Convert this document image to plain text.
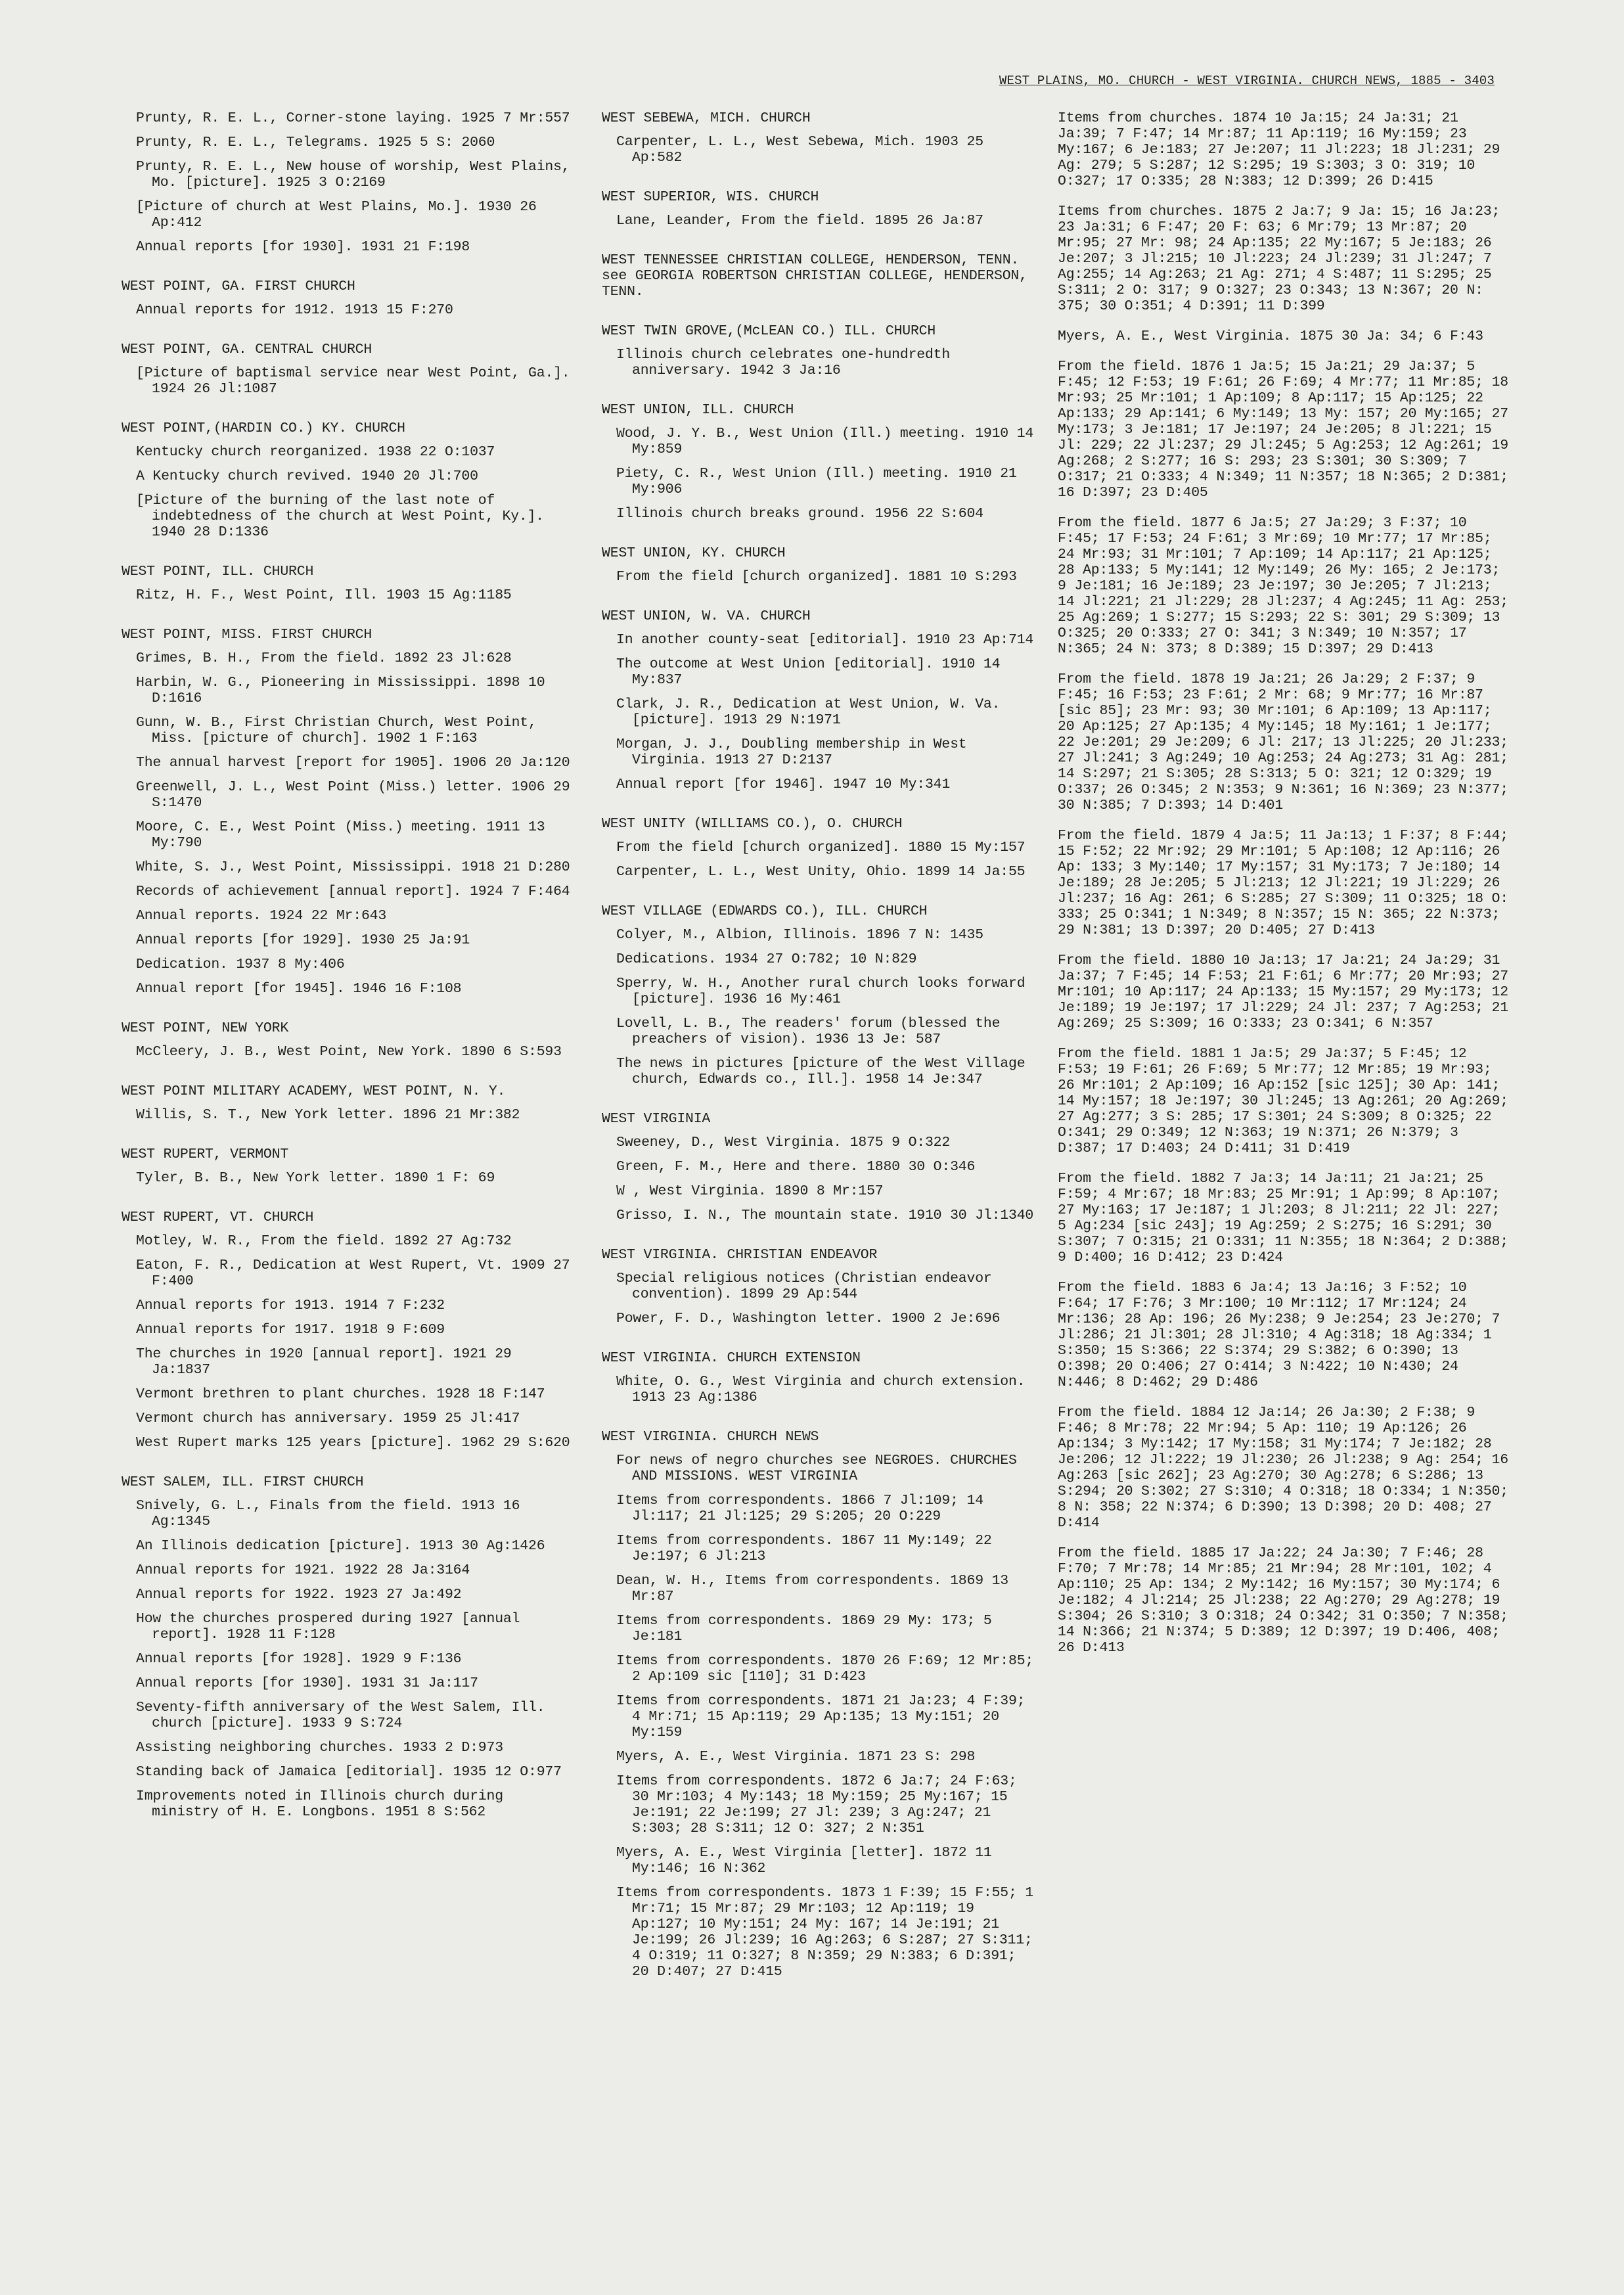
WEST PLAINS, MO. CHURCH - WEST VIRGINIA. CHURCH NEWS, 1885 - 3403
Prunty, R. E. L., Corner-stone laying. 1925 7 Mr:557
Prunty, R. E. L., Telegrams. 1925 5 S: 2060
Prunty, R. E. L., New house of worship, West Plains, Mo. [picture]. 1925 3 O:2169
[Picture of church at West Plains, Mo.]. 1930 26 Ap:412
Annual reports [for 1930]. 1931 21 F:198
WEST POINT, GA. FIRST CHURCH
Annual reports for 1912. 1913 15 F:270
WEST POINT, GA. CENTRAL CHURCH
[Picture of baptismal service near West Point, Ga.]. 1924 26 Jl:1087
WEST POINT,(HARDIN CO.) KY. CHURCH
Kentucky church reorganized. 1938 22 O:1037
A Kentucky church revived. 1940 20 Jl:700
[Picture of the burning of the last note of indebtedness of the church at West Point, Ky.]. 1940 28 D:1336
WEST POINT, ILL. CHURCH
Ritz, H. F., West Point, Ill. 1903 15 Ag:1185
WEST POINT, MISS. FIRST CHURCH
Grimes, B. H., From the field. 1892 23 Jl:628
Harbin, W. G., Pioneering in Mississippi. 1898 10 D:1616
Gunn, W. B., First Christian Church, West Point, Miss. [picture of church]. 1902 1 F:163
The annual harvest [report for 1905]. 1906 20 Ja:120
Greenwell, J. L., West Point (Miss.) letter. 1906 29 S:1470
Moore, C. E., West Point (Miss.) meeting. 1911 13 My:790
White, S. J., West Point, Mississippi. 1918 21 D:280
Records of achievement [annual report]. 1924 7 F:464
Annual reports. 1924 22 Mr:643
Annual reports [for 1929]. 1930 25 Ja:91
Dedication. 1937 8 My:406
Annual report [for 1945]. 1946 16 F:108
WEST POINT, NEW YORK
McCleery, J. B., West Point, New York. 1890 6 S:593
WEST POINT MILITARY ACADEMY, WEST POINT, N. Y.
Willis, S. T., New York letter. 1896 21 Mr:382
WEST RUPERT, VERMONT
Tyler, B. B., New York letter. 1890 1 F: 69
WEST RUPERT, VT. CHURCH
Motley, W. R., From the field. 1892 27 Ag:732
Eaton, F. R., Dedication at West Rupert, Vt. 1909 27 F:400
Annual reports for 1913. 1914 7 F:232
Annual reports for 1917. 1918 9 F:609
The churches in 1920 [annual report]. 1921 29 Ja:1837
Vermont brethren to plant churches. 1928 18 F:147
Vermont church has anniversary. 1959 25 Jl:417
West Rupert marks 125 years [picture]. 1962 29 S:620
WEST SALEM, ILL. FIRST CHURCH
Snively, G. L., Finals from the field. 1913 16 Ag:1345
An Illinois dedication [picture]. 1913 30 Ag:1426
Annual reports for 1921. 1922 28 Ja:3164
Annual reports for 1922. 1923 27 Ja:492
How the churches prospered during 1927 [annual report]. 1928 11 F:128
Annual reports [for 1928]. 1929 9 F:136
Annual reports [for 1930]. 1931 31 Ja:117
Seventy-fifth anniversary of the West Salem, Ill. church [picture]. 1933 9 S:724
Assisting neighboring churches. 1933 2 D:973
Standing back of Jamaica [editorial]. 1935 12 O:977
Improvements noted in Illinois church during ministry of H. E. Longbons. 1951 8 S:562
WEST SEBEWA, MICH. CHURCH
Carpenter, L. L., West Sebewa, Mich. 1903 25 Ap:582
WEST SUPERIOR, WIS. CHURCH
Lane, Leander, From the field. 1895 26 Ja:87
WEST TENNESSEE CHRISTIAN COLLEGE, HENDERSON, TENN. see GEORGIA ROBERTSON CHRISTIAN COLLEGE, HENDERSON, TENN.
WEST TWIN GROVE,(McLEAN CO.) ILL. CHURCH
Illinois church celebrates one-hundredth anniversary. 1942 3 Ja:16
WEST UNION, ILL. CHURCH
Wood, J. Y. B., West Union (Ill.) meeting. 1910 14 My:859
Piety, C. R., West Union (Ill.) meeting. 1910 21 My:906
Illinois church breaks ground. 1956 22 S:604
WEST UNION, KY. CHURCH
From the field [church organized]. 1881 10 S:293
WEST UNION, W. VA. CHURCH
In another county-seat [editorial]. 1910 23 Ap:714
The outcome at West Union [editorial]. 1910 14 My:837
Clark, J. R., Dedication at West Union, W. Va. [picture]. 1913 29 N:1971
Morgan, J. J., Doubling membership in West Virginia. 1913 27 D:2137
Annual report [for 1946]. 1947 10 My:341
WEST UNITY (WILLIAMS CO.), O. CHURCH
From the field [church organized]. 1880 15 My:157
Carpenter, L. L., West Unity, Ohio. 1899 14 Ja:55
WEST VILLAGE (EDWARDS CO.), ILL. CHURCH
Colyer, M., Albion, Illinois. 1896 7 N: 1435
Dedications. 1934 27 O:782; 10 N:829
Sperry, W. H., Another rural church looks forward [picture]. 1936 16 My:461
Lovell, L. B., The readers' forum (blessed the preachers of vision). 1936 13 Je: 587
The news in pictures [picture of the West Village church, Edwards co., Ill.]. 1958 14 Je:347
WEST VIRGINIA
Sweeney, D., West Virginia. 1875 9 O:322
Green, F. M., Here and there. 1880 30 O:346
W , West Virginia. 1890 8 Mr:157
Grisso, I. N., The mountain state. 1910 30 Jl:1340
WEST VIRGINIA. CHRISTIAN ENDEAVOR
Special religious notices (Christian endeavor convention). 1899 29 Ap:544
Power, F. D., Washington letter. 1900 2 Je:696
WEST VIRGINIA. CHURCH EXTENSION
White, O. G., West Virginia and church extension. 1913 23 Ag:1386
WEST VIRGINIA. CHURCH NEWS
For news of negro churches see NEGROES. CHURCHES AND MISSIONS. WEST VIRGINIA
Items from correspondents. 1866 7 Jl:109; 14 Jl:117; 21 Jl:125; 29 S:205; 20 O:229
Items from correspondents. 1867 11 My:149; 22 Je:197; 6 Jl:213
Dean, W. H., Items from correspondents. 1869 13 Mr:87
Items from correspondents. 1869 29 My: 173; 5 Je:181
Items from correspondents. 1870 26 F:69; 12 Mr:85; 2 Ap:109 sic [110]; 31 D:423
Items from correspondents. 1871 21 Ja:23; 4 F:39; 4 Mr:71; 15 Ap:119; 29 Ap:135; 13 My:151; 20 My:159
Myers, A. E., West Virginia. 1871 23 S: 298
Items from correspondents. 1872 6 Ja:7; 24 F:63; 30 Mr:103; 4 My:143; 18 My:159; 25 My:167; 15 Je:191; 22 Je:199; 27 Jl: 239; 3 Ag:247; 21 S:303; 28 S:311; 12 O: 327; 2 N:351
Myers, A. E., West Virginia [letter]. 1872 11 My:146; 16 N:362
Items from correspondents. 1873 1 F:39; 15 F:55; 1 Mr:71; 15 Mr:87; 29 Mr:103; 12 Ap:119; 19 Ap:127; 10 My:151; 24 My: 167; 14 Je:191; 21 Je:199; 26 Jl:239; 16 Ag:263; 6 S:287; 27 S:311; 4 O:319; 11 O:327; 8 N:359; 29 N:383; 6 D:391; 20 D:407; 27 D:415
Items from churches. 1874 10 Ja:15; 24 Ja:31; 21 Ja:39; 7 F:47; 14 Mr:87; 11 Ap:119; 16 My:159; 23 My:167; 6 Je:183; 27 Je:207; 11 Jl:223; 18 Jl:231; 29 Ag: 279; 5 S:287; 12 S:295; 19 S:303; 3 O: 319; 10 O:327; 17 O:335; 28 N:383; 12 D:399; 26 D:415
Items from churches. 1875 2 Ja:7; 9 Ja: 15; 16 Ja:23; 23 Ja:31; 6 F:47; 20 F: 63; 6 Mr:79; 13 Mr:87; 20 Mr:95; 27 Mr: 98; 24 Ap:135; 22 My:167; 5 Je:183; 26 Je:207; 3 Jl:215; 10 Jl:223; 24 Jl:239; 31 Jl:247; 7 Ag:255; 14 Ag:263; 21 Ag: 271; 4 S:487; 11 S:295; 25 S:311; 2 O: 317; 9 O:327; 23 O:343; 13 N:367; 20 N: 375; 30 O:351; 4 D:391; 11 D:399
Myers, A. E., West Virginia. 1875 30 Ja: 34; 6 F:43
From the field. 1876 1 Ja:5; 15 Ja:21; 29 Ja:37; 5 F:45; 12 F:53; 19 F:61; 26 F:69; 4 Mr:77; 11 Mr:85; 18 Mr:93; 25 Mr:101; 1 Ap:109; 8 Ap:117; 15 Ap:125; 22 Ap:133; 29 Ap:141; 6 My:149; 13 My: 157; 20 My:165; 27 My:173; 3 Je:181; 17 Je:197; 24 Je:205; 8 Jl:221; 15 Jl: 229; 22 Jl:237; 29 Jl:245; 5 Ag:253; 12 Ag:261; 19 Ag:268; 2 S:277; 16 S: 293; 23 S:301; 30 S:309; 7 O:317; 21 O:333; 4 N:349; 11 N:357; 18 N:365; 2 D:381; 16 D:397; 23 D:405
From the field. 1877 6 Ja:5; 27 Ja:29; 3 F:37; 10 F:45; 17 F:53; 24 F:61; 3 Mr:69; 10 Mr:77; 17 Mr:85; 24 Mr:93; 31 Mr:101; 7 Ap:109; 14 Ap:117; 21 Ap:125; 28 Ap:133; 5 My:141; 12 My:149; 26 My: 165; 2 Je:173; 9 Je:181; 16 Je:189; 23 Je:197; 30 Je:205; 7 Jl:213; 14 Jl:221; 21 Jl:229; 28 Jl:237; 4 Ag:245; 11 Ag: 253; 25 Ag:269; 1 S:277; 15 S:293; 22 S: 301; 29 S:309; 13 O:325; 20 O:333; 27 O: 341; 3 N:349; 10 N:357; 17 N:365; 24 N: 373; 8 D:389; 15 D:397; 29 D:413
From the field. 1878 19 Ja:21; 26 Ja:29; 2 F:37; 9 F:45; 16 F:53; 23 F:61; 2 Mr: 68; 9 Mr:77; 16 Mr:87 [sic 85]; 23 Mr: 93; 30 Mr:101; 6 Ap:109; 13 Ap:117; 20 Ap:125; 27 Ap:135; 4 My:145; 18 My:161; 1 Je:177; 22 Je:201; 29 Je:209; 6 Jl: 217; 13 Jl:225; 20 Jl:233; 27 Jl:241; 3 Ag:249; 10 Ag:253; 24 Ag:273; 31 Ag: 281; 14 S:297; 21 S:305; 28 S:313; 5 O: 321; 12 O:329; 19 O:337; 26 O:345; 2 N:353; 9 N:361; 16 N:369; 23 N:377; 30 N:385; 7 D:393; 14 D:401
From the field. 1879 4 Ja:5; 11 Ja:13; 1 F:37; 8 F:44; 15 F:52; 22 Mr:92; 29 Mr:101; 5 Ap:108; 12 Ap:116; 26 Ap: 133; 3 My:140; 17 My:157; 31 My:173; 7 Je:180; 14 Je:189; 28 Je:205; 5 Jl:213; 12 Jl:221; 19 Jl:229; 26 Jl:237; 16 Ag: 261; 6 S:285; 27 S:309; 11 O:325; 18 O: 333; 25 O:341; 1 N:349; 8 N:357; 15 N: 365; 22 N:373; 29 N:381; 13 D:397; 20 D:405; 27 D:413
From the field. 1880 10 Ja:13; 17 Ja:21; 24 Ja:29; 31 Ja:37; 7 F:45; 14 F:53; 21 F:61; 6 Mr:77; 20 Mr:93; 27 Mr:101; 10 Ap:117; 24 Ap:133; 15 My:157; 29 My:173; 12 Je:189; 19 Je:197; 17 Jl:229; 24 Jl: 237; 7 Ag:253; 21 Ag:269; 25 S:309; 16 O:333; 23 O:341; 6 N:357
From the field. 1881 1 Ja:5; 29 Ja:37; 5 F:45; 12 F:53; 19 F:61; 26 F:69; 5 Mr:77; 12 Mr:85; 19 Mr:93; 26 Mr:101; 2 Ap:109; 16 Ap:152 [sic 125]; 30 Ap: 141; 14 My:157; 18 Je:197; 30 Jl:245; 13 Ag:261; 20 Ag:269; 27 Ag:277; 3 S: 285; 17 S:301; 24 S:309; 8 O:325; 22 O:341; 29 O:349; 12 N:363; 19 N:371; 26 N:379; 3 D:387; 17 D:403; 24 D:411; 31 D:419
From the field. 1882 7 Ja:3; 14 Ja:11; 21 Ja:21; 25 F:59; 4 Mr:67; 18 Mr:83; 25 Mr:91; 1 Ap:99; 8 Ap:107; 27 My:163; 17 Je:187; 1 Jl:203; 8 Jl:211; 22 Jl: 227; 5 Ag:234 [sic 243]; 19 Ag:259; 2 S:275; 16 S:291; 30 S:307; 7 O:315; 21 O:331; 11 N:355; 18 N:364; 2 D:388; 9 D:400; 16 D:412; 23 D:424
From the field. 1883 6 Ja:4; 13 Ja:16; 3 F:52; 10 F:64; 17 F:76; 3 Mr:100; 10 Mr:112; 17 Mr:124; 24 Mr:136; 28 Ap: 196; 26 My:238; 9 Je:254; 23 Je:270; 7 Jl:286; 21 Jl:301; 28 Jl:310; 4 Ag:318; 18 Ag:334; 1 S:350; 15 S:366; 22 S:374; 29 S:382; 6 O:390; 13 O:398; 20 O:406; 27 O:414; 3 N:422; 10 N:430; 24 N:446; 8 D:462; 29 D:486
From the field. 1884 12 Ja:14; 26 Ja:30; 2 F:38; 9 F:46; 8 Mr:78; 22 Mr:94; 5 Ap: 110; 19 Ap:126; 26 Ap:134; 3 My:142; 17 My:158; 31 My:174; 7 Je:182; 28 Je:206; 12 Jl:222; 19 Jl:230; 26 Jl:238; 9 Ag: 254; 16 Ag:263 [sic 262]; 23 Ag:270; 30 Ag:278; 6 S:286; 13 S:294; 20 S:302; 27 S:310; 4 O:318; 18 O:334; 1 N:350; 8 N: 358; 22 N:374; 6 D:390; 13 D:398; 20 D: 408; 27 D:414
From the field. 1885 17 Ja:22; 24 Ja:30; 7 F:46; 28 F:70; 7 Mr:78; 14 Mr:85; 21 Mr:94; 28 Mr:101, 102; 4 Ap:110; 25 Ap: 134; 2 My:142; 16 My:157; 30 My:174; 6 Je:182; 4 Jl:214; 25 Jl:238; 22 Ag:270; 29 Ag:278; 19 S:304; 26 S:310; 3 O:318; 24 O:342; 31 O:350; 7 N:358; 14 N:366; 21 N:374; 5 D:389; 12 D:397; 19 D:406, 408; 26 D:413
